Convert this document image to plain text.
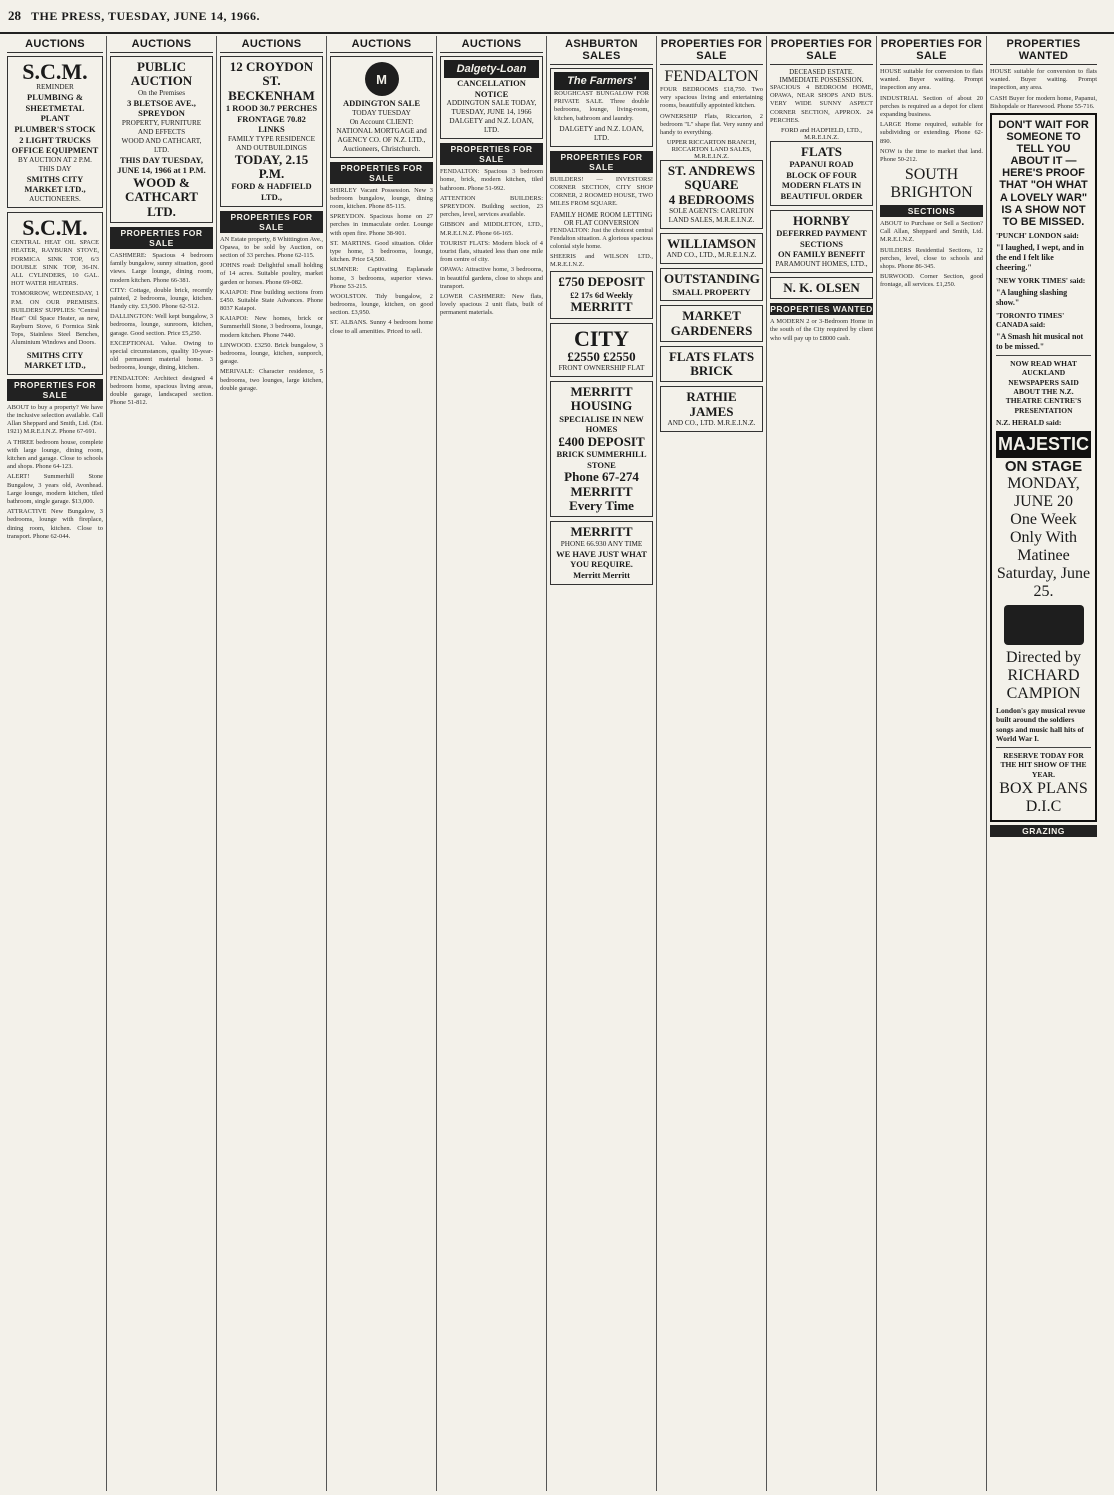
28 THE PRESS, TUESDAY, JUNE 14, 1966.
AUCTIONS
S.C.M.
REMINDER
PLUMBING & SHEETMETAL PLANT
PLUMBER'S STOCK
2 LIGHT TRUCKS
OFFICE EQUIPMENT
BY AUCTION AT 2 P.M. THIS DAY
SMITHS CITY MARKET LTD.,
AUCTIONEERS.
S.C.M.

CENTRAL HEAT OIL SPACE HEATER, RAYBURN STOVE, FORMICA SINK TOP, 6/3 DOUBLE SINK TOP, 36-IN. ALL CYLINDERS, 10 GAL. HOT WATER HEATERS.

TOMORROW, WEDNESDAY, 1 P.M. ON OUR PREMISES. BUILDERS' SUPPLIES: "Central Heat" Oil Space Heater, as new, Rayburn Stove, 6 Formica Sink Tops, Stainless Steel Benches, Aluminium Windows and Doors.

SMITHS CITY MARKET LTD.,
PROPERTIES FOR SALE

ABOUT to buy a property? We have the inclusive selection available. Call Allan Sheppard and Smith, Ltd. (Est. 1921) M.R.E.I.N.Z. Phone 67-691.

A THREE bedroom house, complete with large lounge, dining room, kitchen and garage. Close to schools and shops. Phone 64-123.

ALERT! Summerhill Stone Bungalow, 3 years old, Avonhead. Large lounge, modern kitchen, tiled bathroom, single garage. $13,000.

ATTRACTIVE New Bungalow, 3 bedrooms, lounge with fireplace, dining room, kitchen. Close to transport. Phone 62-044.

AUCTIONS
PUBLIC AUCTION
On the Premises
3 BLETSOE AVE., SPREYDON
PROPERTY, FURNITURE AND EFFECTS
WOOD AND CATHCART, LTD.
THIS DAY TUESDAY, JUNE 14, 1966 at 1 P.M.
WOOD & CATHCART LTD.
PROPERTIES FOR SALE

CASHMERE: Spacious 4 bedroom family bungalow, sunny situation, good views. Large lounge, dining room, modern kitchen. Phone 66-381.

CITY: Cottage, double brick, recently painted, 2 bedrooms, lounge, kitchen. Handy city. £3,500. Phone 62-512.

DALLINGTON: Well kept bungalow, 3 bedrooms, lounge, sunroom, kitchen, garage. Good section. Price £5,250.

EXCEPTIONAL Value. Owing to special circumstances, quality 10-year-old permanent material home. 3 bedrooms, lounge, dining, kitchen.

FENDALTON: Architect designed 4 bedroom home, spacious living areas, double garage, landscaped section. Phone 51-812.

AUCTIONS
12 CROYDON ST. BECKENHAM
1 ROOD 30.7 PERCHES FRONTAGE 70.82 LINKS
FAMILY TYPE RESIDENCE AND OUTBUILDINGS
TODAY, 2.15 P.M.
FORD & HADFIELD LTD.,
PROPERTIES FOR SALE

AN Estate property, 8 Whittington Ave., Opawa, to be sold by Auction, on section of 33 perches. Phone 62-115.

JOHNS road: Delightful small holding of 14 acres. Suitable poultry, market garden or horses. Phone 69-082.

KAIAPOI: Fine building sections from £450. Suitable State Advances. Phone 8037 Kaiapoi.

KAIAPOI: New homes, brick or Summerhill Stone, 3 bedrooms, lounge, modern kitchen. Phone 7440.

LINWOOD. £3250. Brick bungalow, 3 bedrooms, lounge, kitchen, sunporch, garage.

MERIVALE: Character residence, 5 bedrooms, two lounges, large kitchen, double garage.

AUCTIONS
M
ADDINGTON SALE
TODAY TUESDAY
On Account CLIENT:
NATIONAL MORTGAGE and AGENCY CO. OF N.Z. LTD., Auctioneers, Christchurch.
PROPERTIES FOR SALE

SHIRLEY Vacant Possession. New 3 bedroom bungalow, lounge, dining room, kitchen. Phone 85-115.

SPREYDON. Spacious home on 27 perches in immaculate order. Lounge with open fire. Phone 38-901.

ST. MARTINS. Good situation. Older type home, 3 bedrooms, lounge, kitchen. Price £4,500.

SUMNER: Captivating Esplanade home, 3 bedrooms, superior views. Phone 53-215.

WOOLSTON. Tidy bungalow, 2 bedrooms, lounge, kitchen, on good section. £3,950.

ST. ALBANS. Sunny 4 bedroom home close to all amenities. Priced to sell.

AUCTIONS
Dalgety-Loan
CANCELLATION NOTICE
ADDINGTON SALE TODAY, TUESDAY, JUNE 14, 1966
DALGETY and N.Z. LOAN, LTD.
PROPERTIES FOR SALE

FENDALTON: Spacious 3 bedroom home, brick, modern kitchen, tiled bathroom. Phone 51-992.

ATTENTION BUILDERS: SPREYDON. Building section, 23 perches, level, services available.

GIBBON and MIDDLETON, LTD., M.R.E.I.N.Z. Phone 66-165.

TOURIST FLATS: Modern block of 4 tourist flats, situated less than one mile from centre of city.

OPAWA: Attractive home, 3 bedrooms, in beautiful gardens, close to shops and transport.

LOWER CASHMERE: New flats, lovely spacious 2 unit flats, built of permanent materials.

ASHBURTON SALES
The Farmers'

ROUGHCAST BUNGALOW FOR PRIVATE SALE. Three double bedrooms, lounge, living-room, kitchen, bathroom and laundry.

DALGETY and N.Z. LOAN, LTD.
PROPERTIES FOR SALE

BUILDERS! — INVESTORS! CORNER SECTION, CITY SHOP CORNER, 2 ROOMED HOUSE, TWO MILES FROM SQUARE.

FAMILY HOME ROOM LETTING OR FLAT CONVERSION

FENDALTON: Just the choicest central Fendalton situation. A glorious spacious colonial style home.

SHEERIS and WILSON LTD., M.R.E.I.N.Z.

£750 DEPOSIT
£2 17s 6d Weekly
MERRITT
CITY
£2550 £2550
FRONT OWNERSHIP FLAT
MERRITT HOUSING
SPECIALISE IN NEW HOMES
£400 DEPOSIT
BRICK SUMMERHILL STONE
Phone 67-274
MERRITT
Every Time
MERRITT
PHONE 66.930 ANY TIME
WE HAVE JUST WHAT YOU REQUIRE.
Merritt Merritt
PROPERTIES FOR SALE
FENDALTON

FOUR BEDROOMS £18,750. Two very spacious living and entertaining rooms, beautifully appointed kitchen.

OWNERSHIP Flats, Riccarton, 2 bedroom "L" shape flat. Very sunny and handy to everything.

UPPER RICCARTON BRANCH, RICCARTON LAND SALES, M.R.E.I.N.Z.
ST. ANDREWS SQUARE
4 BEDROOMS
SOLE AGENTS: CARLTON LAND SALES, M.R.E.I.N.Z.
WILLIAMSON
AND CO., LTD., M.R.E.I.N.Z.
OUTSTANDING
SMALL PROPERTY
MARKET GARDENERS
FLATS FLATS BRICK
RATHIE JAMES
AND CO., LTD. M.R.E.I.N.Z.
PROPERTIES FOR SALE
DECEASED ESTATE. IMMEDIATE POSSESSION.

SPACIOUS 4 BEDROOM HOME, OPAWA, NEAR SHOPS AND BUS. VERY WIDE SUNNY ASPECT CORNER SECTION, APPROX. 24 PERCHES.

FORD and HADFIELD, LTD., M.R.E.I.N.Z.
FLATS
PAPANUI ROAD
BLOCK OF FOUR MODERN FLATS IN BEAUTIFUL ORDER
HORNBY
DEFERRED PAYMENT SECTIONS
ON FAMILY BENEFIT
PARAMOUNT HOMES, LTD.,
N. K. OLSEN
PROPERTIES WANTED

A MODERN 2 or 3-Bedroom Home in the south of the City required by client who will pay up to £8000 cash.

PROPERTIES FOR SALE

HOUSE suitable for conversion to flats wanted. Buyer waiting. Prompt inspection any area.

INDUSTRIAL Section of about 20 perches is required as a depot for client expanding business.

LARGE Home required, suitable for subdividing or extending. Phone 62-890.

NOW is the time to market that land. Phone 50-212.

SOUTH BRIGHTON
SECTIONS

ABOUT to Purchase or Sell a Section? Call Allan, Sheppard and Smith, Ltd. M.R.E.I.N.Z.

BUILDERS Residential Sections, 12 perches, level, close to schools and shops. Phone 86-345.

BURWOOD. Corner Section, good frontage, all services. £1,250.

PROPERTIES WANTED

HOUSE suitable for conversion to flats wanted. Buyer waiting. Prompt inspection, any area.

CASH Buyer for modern home, Papanui, Bishopdale or Harewood. Phone 55-716.

DON'T WAIT FOR SOMEONE TO TELL YOU ABOUT IT — HERE'S PROOF THAT "OH WHAT A LOVELY WAR" IS A SHOW NOT TO BE MISSED.
'PUNCH' LONDON said:
"I laughed, I wept, and in the end I felt like cheering."
'NEW YORK TIMES' said:
"A laughing slashing show."
'TORONTO TIMES' CANADA said:
"A Smash hit musical not to be missed."
NOW READ WHAT AUCKLAND NEWSPAPERS SAID ABOUT THE N.Z. THEATRE CENTRE'S PRESENTATION
N.Z. HERALD said:
MAJESTIC
ON STAGE
MONDAY, JUNE 20
One Week Only With Matinee Saturday, June 25.
Directed by RICHARD CAMPION
London's gay musical revue built around the soldiers songs and music hall hits of World War I.
RESERVE TODAY FOR THE HIT SHOW OF THE YEAR.
BOX PLANS D.I.C
GRAZING
